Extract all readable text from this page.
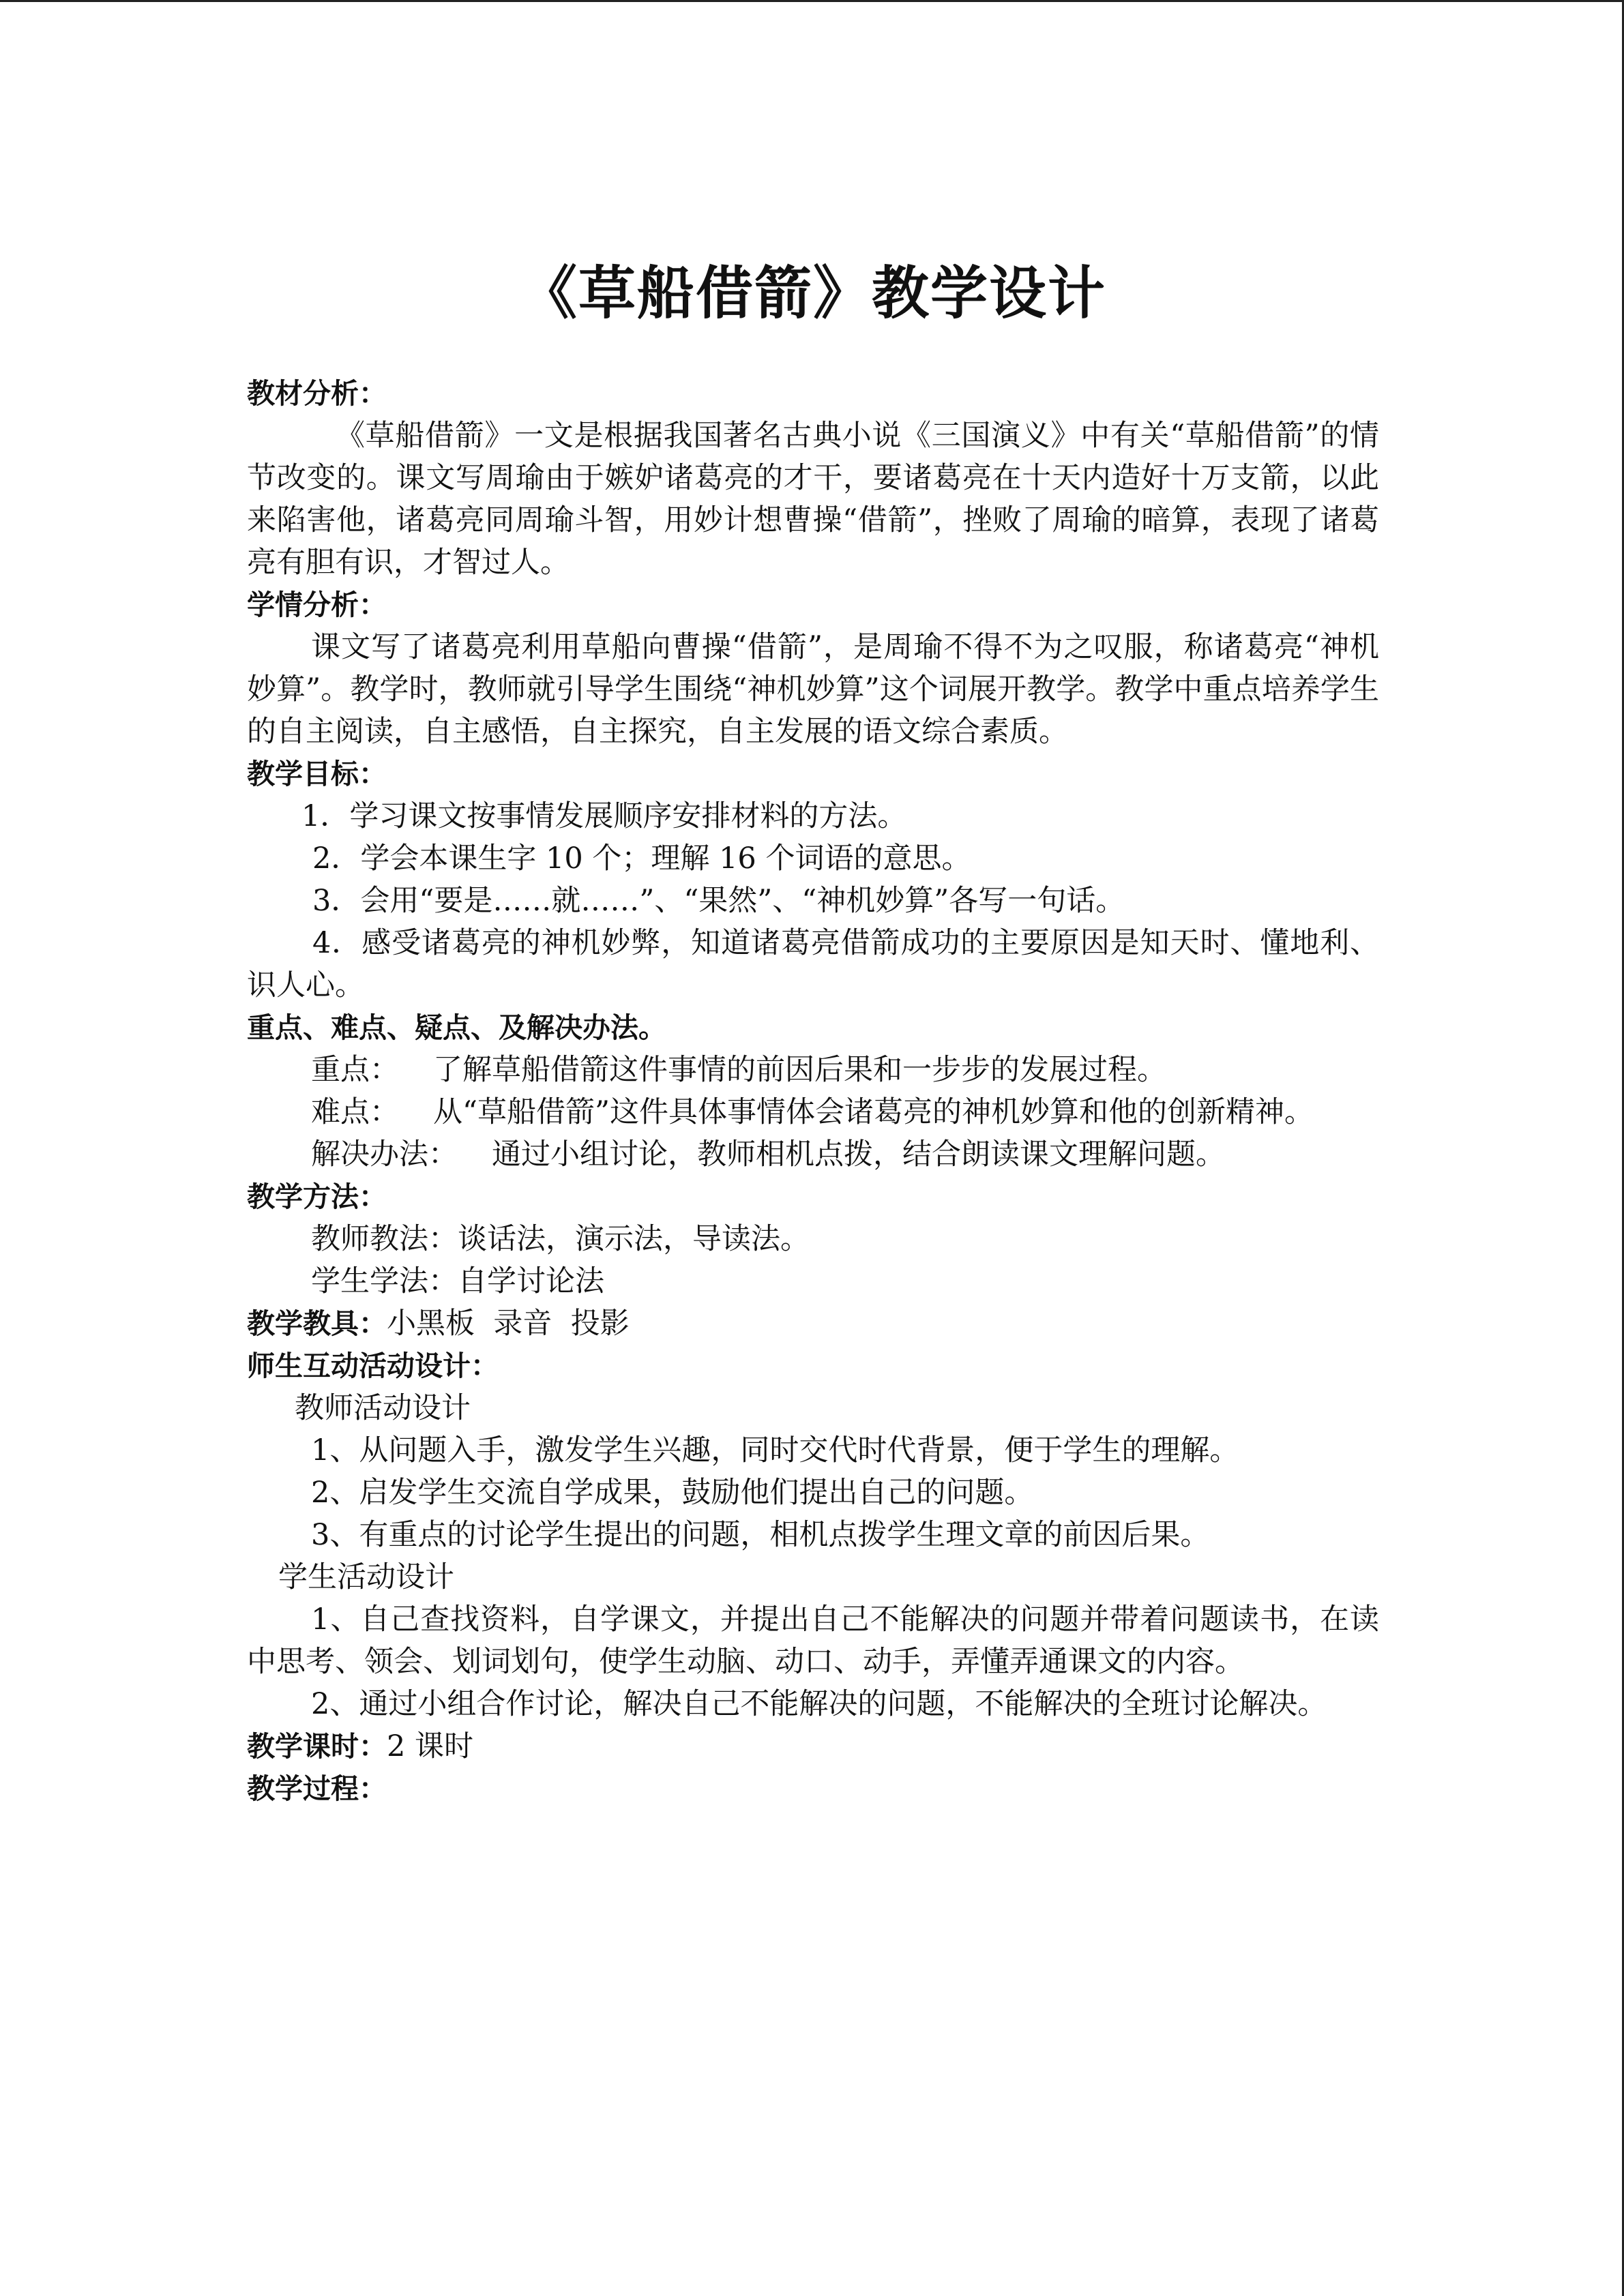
《草船借箭》教学设计

教材分析：

《草船借箭》一文是根据我国著名古典小说《三国演义》中有关“草船借箭”的情节改变的。课文写周瑜由于嫉妒诸葛亮的才干，要诸葛亮在十天内造好十万支箭，以此来陷害他，诸葛亮同周瑜斗智，用妙计想曹操“借箭”，挫败了周瑜的暗算，表现了诸葛亮有胆有识，才智过人。

学情分析：

课文写了诸葛亮利用草船向曹操“借箭”，是周瑜不得不为之叹服，称诸葛亮“神机妙算”。教学时，教师就引导学生围绕“神机妙算”这个词展开教学。教学中重点培养学生的自主阅读，自主感悟，自主探究，自主发展的语文综合素质。

教学目标：

1．学习课文按事情发展顺序安排材料的方法。

2．学会本课生字 10 个；理解 16 个词语的意思。

3．会用“要是……就……”、“果然”、“神机妙算”各写一句话。

4．感受诸葛亮的神机妙弊，知道诸葛亮借箭成功的主要原因是知天时、懂地利、识人心。

重点、难点、疑点、及解决办法。

重点： 了解草船借箭这件事情的前因后果和一步步的发展过程。

难点： 从“草船借箭”这件具体事情体会诸葛亮的神机妙算和他的创新精神。

解决办法： 通过小组讨论，教师相机点拨，结合朗读课文理解问题。

教学方法：

教师教法：谈话法，演示法，导读法。

学生学法：自学讨论法

教学教具：小黑板  录音  投影

师生互动活动设计：

教师活动设计

1、从问题入手，激发学生兴趣，同时交代时代背景，便于学生的理解。

2、启发学生交流自学成果，鼓励他们提出自己的问题。

3、有重点的讨论学生提出的问题，相机点拨学生理文章的前因后果。

学生活动设计

1、自己查找资料，自学课文，并提出自己不能解决的问题并带着问题读书，在读中思考、领会、划词划句，使学生动脑、动口、动手，弄懂弄通课文的内容。

2、通过小组合作讨论，解决自己不能解决的问题，不能解决的全班讨论解决。

教学课时：2 课时

教学过程：
